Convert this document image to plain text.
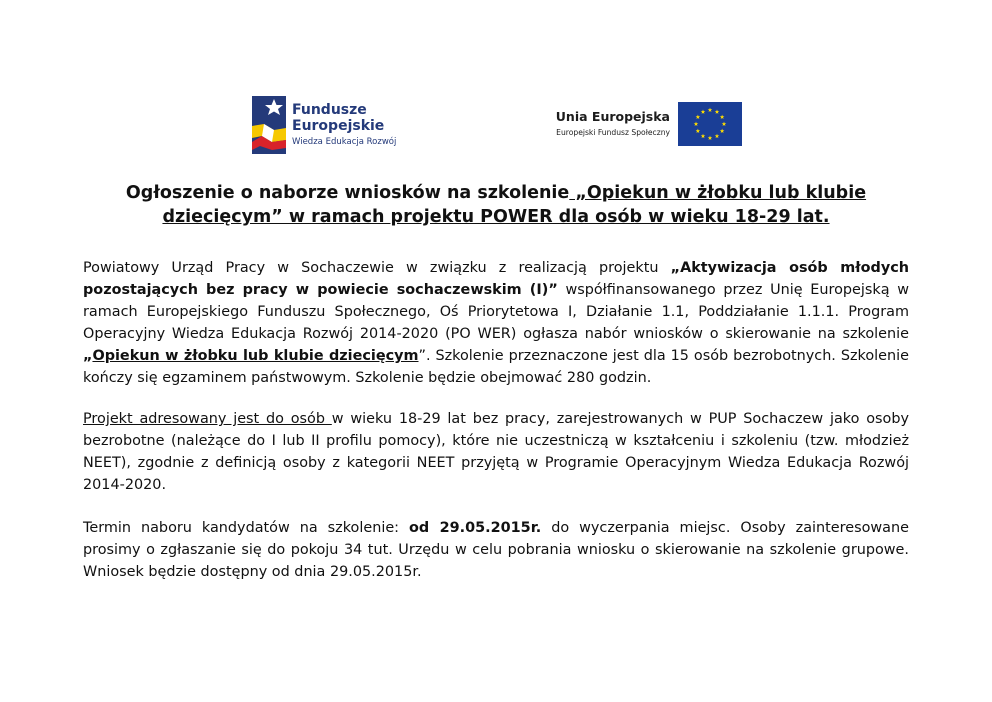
Fundusze
Europejskie
Wiedza Edukacja Rozwój
Unia Europejska
Europejski Fundusz Społeczny
Ogłoszenie o naborze wniosków na szkolenie „Opiekun w żłobku lub klubie dziecięcym” w ramach projektu POWER dla osób w wieku 18-29 lat.

Powiatowy Urząd Pracy w Sochaczewie w związku z realizacją projektu „Aktywizacja osób młodych pozostających bez pracy w powiecie sochaczewskim (I)” współfinansowanego przez Unię Europejską w ramach Europejskiego Funduszu Społecznego, Oś Priorytetowa I, Działanie 1.1, Poddziałanie 1.1.1. Program Operacyjny Wiedza Edukacja Rozwój 2014-2020 (PO WER) ogłasza nabór wniosków o skierowanie na szkolenie „Opiekun w żłobku lub klubie dziecięcym”. Szkolenie przeznaczone jest dla 15 osób bezrobotnych. Szkolenie kończy się egzaminem państwowym. Szkolenie będzie obejmować 280 godzin.

Projekt adresowany jest do osób w wieku 18-29 lat bez pracy, zarejestrowanych w PUP Sochaczew jako osoby bezrobotne (należące do I lub II profilu pomocy), które nie uczestniczą w kształceniu i szkoleniu (tzw. młodzież NEET), zgodnie z definicją osoby z kategorii NEET przyjętą w Programie Operacyjnym Wiedza Edukacja Rozwój 2014-2020.

Termin naboru kandydatów na szkolenie: od 29.05.2015r. do wyczerpania miejsc. Osoby zainteresowane prosimy o zgłaszanie się do pokoju 34 tut. Urzędu w celu pobrania wniosku o skierowanie na szkolenie grupowe. Wniosek będzie dostępny od dnia 29.05.2015r.
